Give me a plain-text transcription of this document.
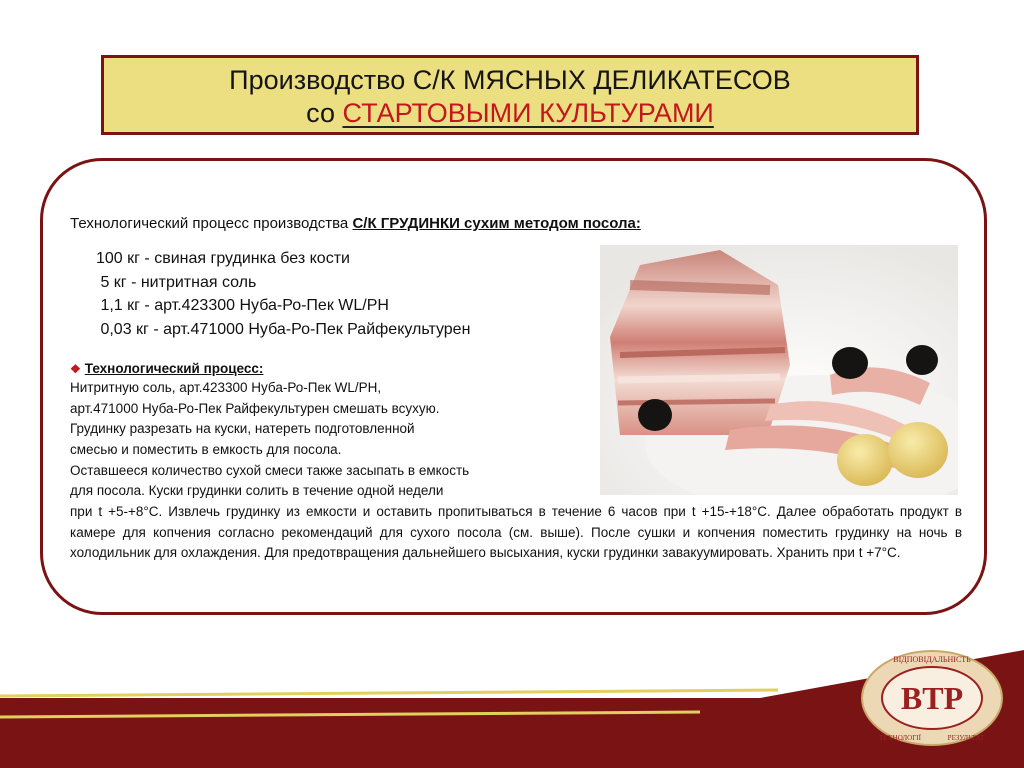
Производство С/К МЯСНЫХ ДЕЛИКАТЕСОВ
со СТАРТОВЫМИ КУЛЬТУРАМИ
Технологический процесс производства С/К ГРУДИНКИ сухим методом посола:
100 кг - свиная грудинка без кости
5 кг - нитритная соль
1,1 кг - арт.423300 Нуба-Ро-Пек WL/PH
0,03 кг - арт.471000 Нуба-Ро-Пек Райфекультурен
❖ Технологический процесс:
Нитритную соль, арт.423300 Нуба-Ро-Пек WL/PH,
арт.471000 Нуба-Ро-Пек Райфекультурен смешать всухую.
Грудинку разрезать на куски, натереть подготовленной
смесью и поместить в емкость для посола.
Оставшееся количество сухой смеси также засыпать в емкость
для посола. Куски грудинки солить в течение одной недели
при t +5-+8°С. Извлечь грудинку из емкости и оставить пропитываться в течение 6 часов при t +15-+18°С. Далее обработать продукт в камере для копчения согласно рекомендаций для сухого посола (см. выше). После сушки и копчения поместить грудинку на ночь в холодильник для охлаждения. Для предотвращения дальнейшего высыхания, куски грудинки завакуумировать. Хранить при t +7°С.
BTP
ВІДПОВІДАЛЬНІСТЬ
ТЕХНОЛОГІЇ	РЕЗУЛЬТАТ
